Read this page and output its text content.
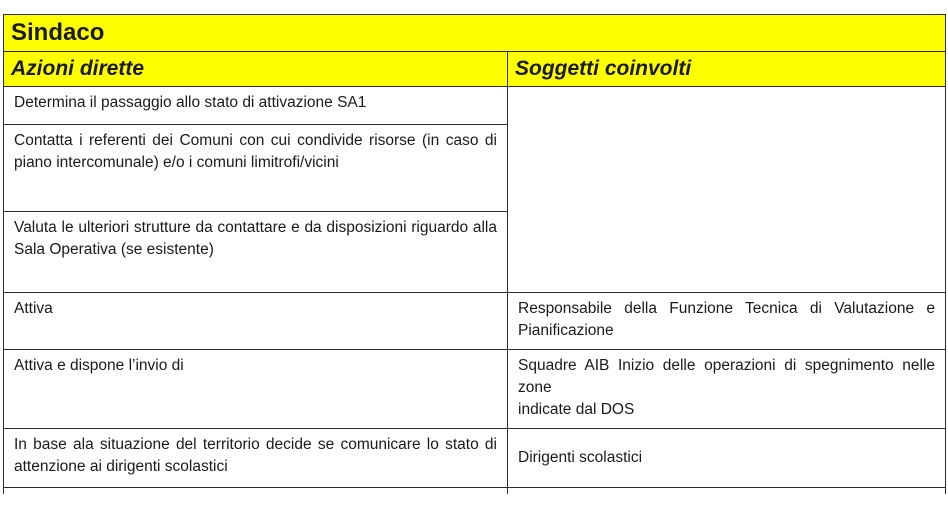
Sindaco	
Azioni dirette	Soggetti coinvolti
Determina il passaggio allo stato di attivazione SA1	
Contatta i referenti dei Comuni con cui condivide risorse (in caso di piano intercomunale) e/o i comuni limitrofi/vicini	
Valuta le ulteriori strutture da contattare e da disposizioni riguardo alla Sala Operativa (se esistente)	
Attiva	Responsabile della Funzione Tecnica di Valutazione e Pianificazione
Attiva e dispone l’invio di	Squadre AIB Inizio delle operazioni di spegnimento nelle zone
indicate dal DOS

In base ala situazione del territorio decide se comunicare lo stato di attenzione ai dirigenti scolastici	Dirigenti scolastici
